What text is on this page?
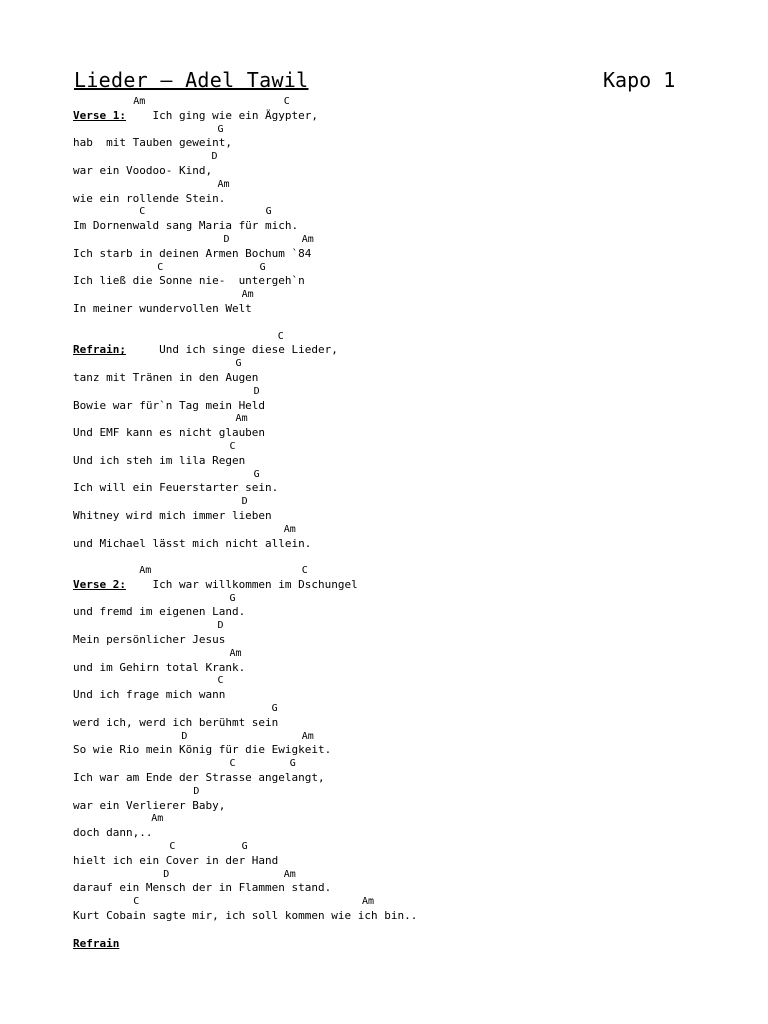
Lieder – Adel Tawil	Kapo 1
Am                       C
Verse 1:    Ich ging wie ein Ägypter,
G
hab  mit Tauben geweint,
D
war ein Voodoo- Kind,
Am
wie ein rollende Stein.
C                    G
Im Dornenwald sang Maria für mich.
D            Am
Ich starb in deinen Armen Bochum `84
C                G
Ich ließ die Sonne nie-  untergeh`n
Am
In meiner wundervollen Welt
C
Refrain;     Und ich singe diese Lieder,
G
tanz mit Tränen in den Augen
D
Bowie war für`n Tag mein Held
Am
Und EMF kann es nicht glauben
C
Und ich steh im lila Regen
G
Ich will ein Feuerstarter sein.
D
Whitney wird mich immer lieben
Am
und Michael lässt mich nicht allein.
Am                         C
Verse 2:    Ich war willkommen im Dschungel
G
und fremd im eigenen Land.
D
Mein persönlicher Jesus
Am
und im Gehirn total Krank.
C
Und ich frage mich wann
G
werd ich, werd ich berühmt sein
D                   Am
So wie Rio mein König für die Ewigkeit.
C         G
Ich war am Ende der Strasse angelangt,
D
war ein Verlierer Baby,
Am
doch dann,..
C           G
hielt ich ein Cover in der Hand
D                   Am
darauf ein Mensch der in Flammen stand.
C                                     Am
Kurt Cobain sagte mir, ich soll kommen wie ich bin..
Refrain
